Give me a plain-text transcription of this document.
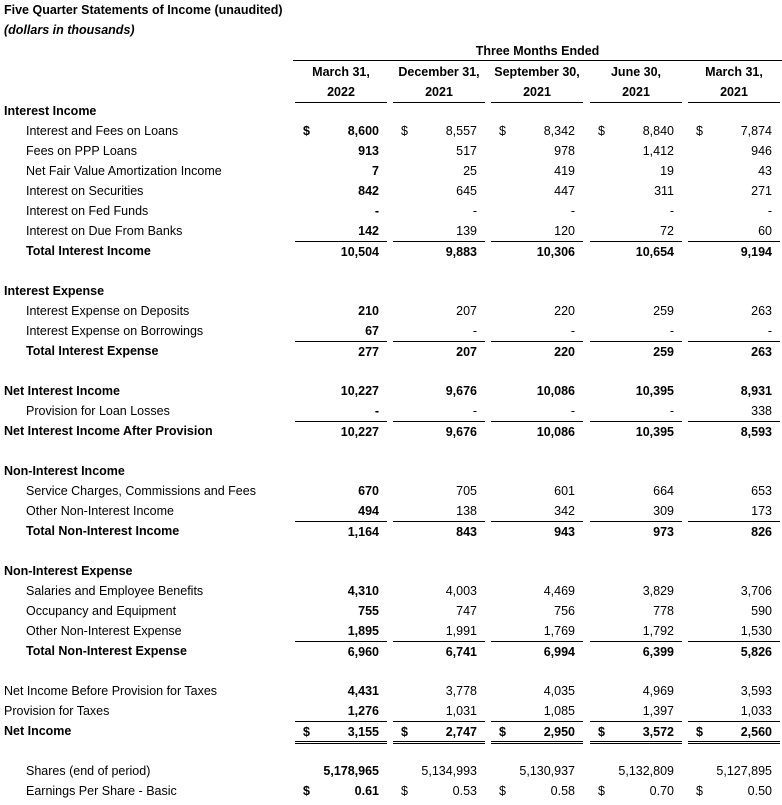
Five Quarter Statements of Income (unaudited)
(dollars in thousands)
Three Months Ended
March 31,
2022
December 31,
2021
September 30,
2021
June 30,
2021
March 31,
2021
Interest Income
Interest and Fees on Loans	$	8,600 $	8,557 $	8,342 $	8,840 $	7,874
Fees on PPP Loans	913	517	978	1,412	946
Net Fair Value Amortization Income	7	25	419	19	43
Interest on Securities	842	645	447	311	271
Interest on Fed Funds	-	-	-	-	-
Interest on Due From Banks	142	139	120	72	60
Total Interest Income	10,504	9,883	10,306	10,654	9,194
Interest Expense
Interest Expense on Deposits	210	207	220	259	263
Interest Expense on Borrowings	67	-	-	-	-
Total Interest Expense	277	207	220	259	263
Net Interest Income	10,227	9,676	10,086	10,395	8,931
Provision for Loan Losses	-	-	-	-	338
Net Interest Income After Provision	10,227	9,676	10,086	10,395	8,593
Non-Interest Income
Service Charges, Commissions and Fees	670	705	601	664	653
Other Non-Interest Income	494	138	342	309	173
Total Non-Interest Income	1,164	843	943	973	826
Non-Interest Expense
Salaries and Employee Benefits	4,310	4,003	4,469	3,829	3,706
Occupancy and Equipment	755	747	756	778	590
Other Non-Interest Expense	1,895	1,991	1,769	1,792	1,530
Total Non-Interest Expense	6,960	6,741	6,994	6,399	5,826
Net Income Before Provision for Taxes	4,431	3,778	4,035	4,969	3,593
Provision for Taxes	1,276	1,031	1,085	1,397	1,033
Net Income	$	3,155 $	2,747 $	2,950 $	3,572 $	2,560
Shares (end of period)	5,178,965	5,134,993	5,130,937	5,132,809	5,127,895
Earnings Per Share - Basic	$	0.61 $	0.53 $	0.58 $	0.70 $	0.50
